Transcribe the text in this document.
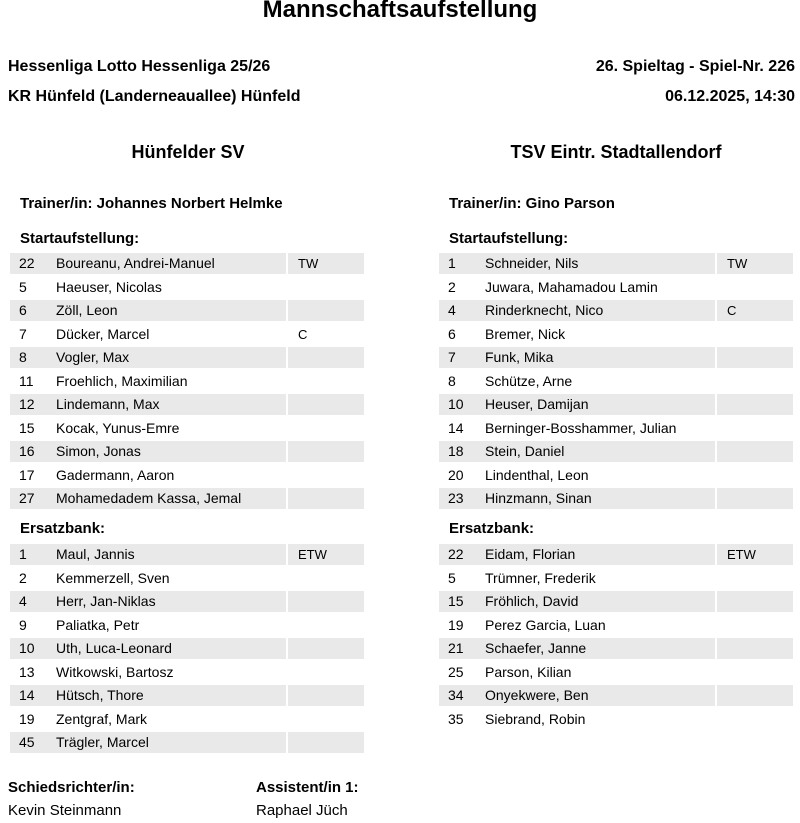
Mannschaftsaufstellung
Hessenliga Lotto Hessenliga 25/26
KR Hünfeld (Landerneauallee) Hünfeld
26. Spieltag - Spiel-Nr. 226
06.12.2025, 14:30
Hünfelder SV	TSV Eintr. Stadtallendorf
Trainer/in: Johannes Norbert Helmke	Trainer/in: Gino Parson
Startaufstellung:	Startaufstellung:
22	Boureanu, Andrei-Manuel	TW
5	Haeuser, Nicolas
6	Zöll, Leon
7	Dücker, Marcel	C
8	Vogler, Max
11	Froehlich, Maximilian
12	Lindemann, Max
15	Kocak, Yunus-Emre
16	Simon, Jonas
17	Gadermann, Aaron
27	Mohamedadem Kassa, Jemal
1	Schneider, Nils	TW
2	Juwara, Mahamadou Lamin
4	Rinderknecht, Nico	C
6	Bremer, Nick
7	Funk, Mika
8	Schütze, Arne
10	Heuser, Damijan
14	Berninger-Bosshammer, Julian
18	Stein, Daniel
20	Lindenthal, Leon
23	Hinzmann, Sinan
Ersatzbank:	Ersatzbank:
1	Maul, Jannis	ETW
2	Kemmerzell, Sven
4	Herr, Jan-Niklas
9	Paliatka, Petr
10	Uth, Luca-Leonard
13	Witkowski, Bartosz
14	Hütsch, Thore
19	Zentgraf, Mark
45	Trägler, Marcel
22	Eidam, Florian	ETW
5	Trümner, Frederik
15	Fröhlich, David
19	Perez Garcia, Luan
21	Schaefer, Janne
25	Parson, Kilian
34	Onyekwere, Ben
35	Siebrand, Robin
Schiedsrichter/in:
Kevin Steinmann
Assistent/in 1:
Raphael Jüch
